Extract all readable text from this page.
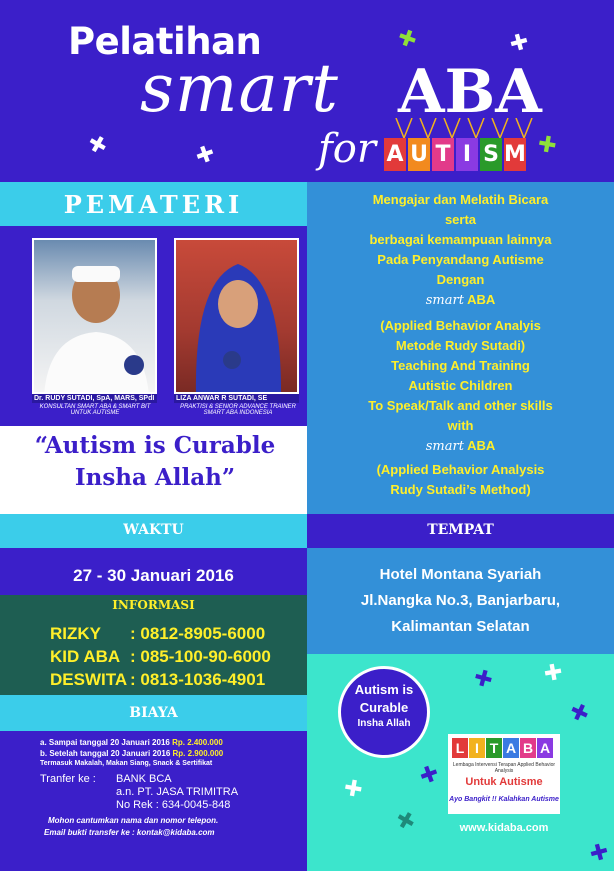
Pelatihan
smart ABA
for A U T I S M
✚	✚
✚	✚	✚
PEMATERI
Dr. RUDY SUTADI, SpA, MARS, SPdI
KONSULTAN SMART ABA & SMART BIT UNTUK AUTISME
LIZA ANWAR R SUTADI, SE
PRAKTISI & SENIOR ADVANCE TRAINER SMART ABA INDONESIA
“Autism is Curable
Insha Allah”
WAKTU
27 - 30 Januari 2016
INFORMASI
RIZKY	: 0812-8905-6000
KID ABA : 085-100-90-6000
DESWITA : 0813-1036-4901
BIAYA
a. Sampai tanggal 20 Januari 2016 Rp. 2.400.000
b. Setelah tanggal 20 Januari 2016 Rp. 2.900.000
Termasuk Makalah, Makan Siang, Snack & Sertifikat
Tranfer ke : BANK BCA
a.n. PT. JASA TRIMITRA
No Rek : 634-0045-848
Mohon cantumkan nama dan nomor telepon.
Email bukti transfer ke : kontak@kidaba.com
Mengajar dan Melatih Bicara
serta
berbagai kemampuan lainnya
Pada Penyandang Autisme
Dengan
smart ABA
(Applied Behavior Analyis
Metode Rudy Sutadi)
Teaching And Training
Autistic Children
To Speak/Talk and other skills
with
smart ABA
(Applied Behavior Analysis
Rudy Sutadi’s Method)
TEMPAT
Hotel Montana Syariah
Jl.Nangka No.3, Banjarbaru,
Kalimantan Selatan
Autism is
Curable
Insha Allah
L I T A B A
Lembaga Intervensi Terapan Applied Behavior Analysis
Untuk Autisme
Ayo Bangkit !! Kalahkan Autisme
www.kidaba.com
✚ ✚
✚
✚
✚
✚
✚
